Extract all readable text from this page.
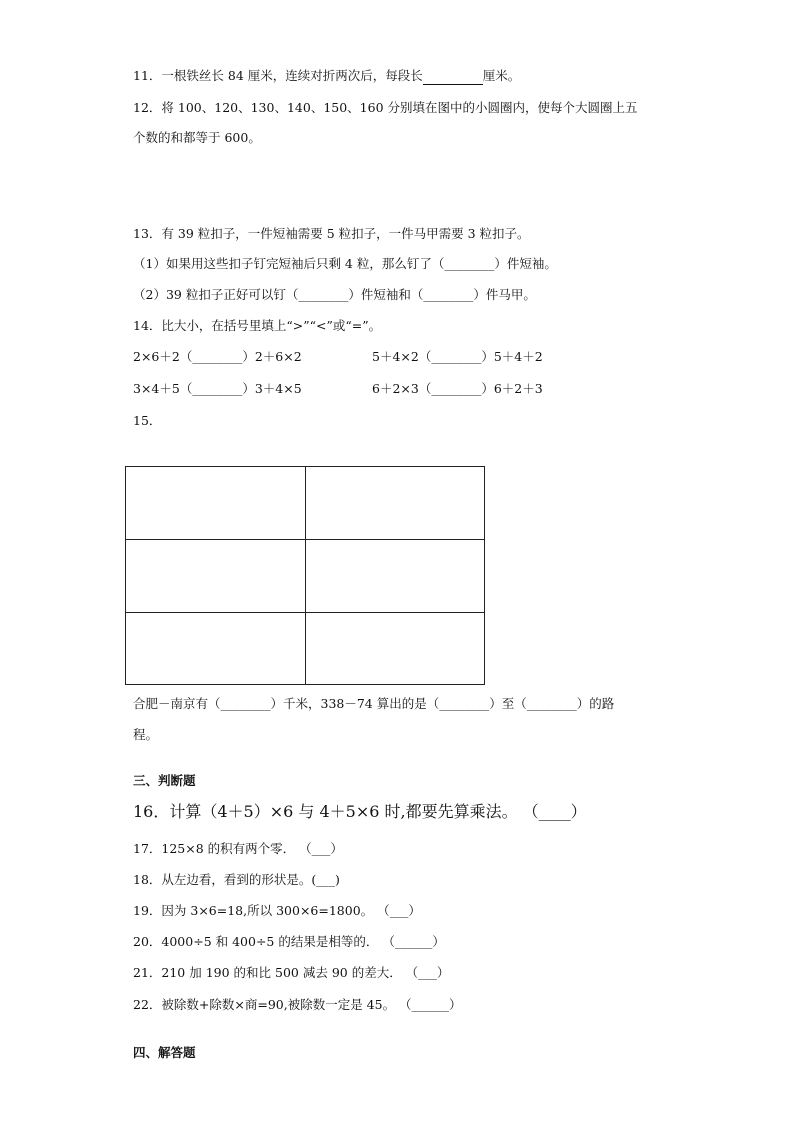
11．一根铁丝长 84 厘米，连续对折两次后，每段长	厘米。
12．将 100、120、130、140、150、160 分别填在图中的小圆圈内，使每个大圆圈上五
个数的和都等于 600。
13．有 39 粒扣子，一件短袖需要 5 粒扣子，一件马甲需要 3 粒扣子。
（1）如果用这些扣子钉完短袖后只剩 4 粒，那么钉了（________）件短袖。
（2）39 粒扣子正好可以钉（________）件短袖和（________）件马甲。
14．比大小，在括号里填上“>”“<”或“=”。
2×6＋2（________）2＋6×2	5＋4×2（________）5＋4＋2
3×4＋5（________）3＋4×5	6＋2×3（________）6＋2＋3
15．
合肥－南京有（________）千米，338－74 算出的是（________）至（________）的路
程。
三、判断题
16．计算（4＋5）×6 与 4＋5×6 时,都要先算乘法。 （____）
17．125×8 的积有两个零． （___）
18．从左边看，看到的形状是。(___)
19．因为 3×6=18,所以 300×6=1800。 （___）
20．4000÷5 和 400÷5 的结果是相等的． （______）
21．210 加 190 的和比 500 减去 90 的差大． （___）
22．被除数+除数×商=90,被除数一定是 45。 （______）
四、解答题
